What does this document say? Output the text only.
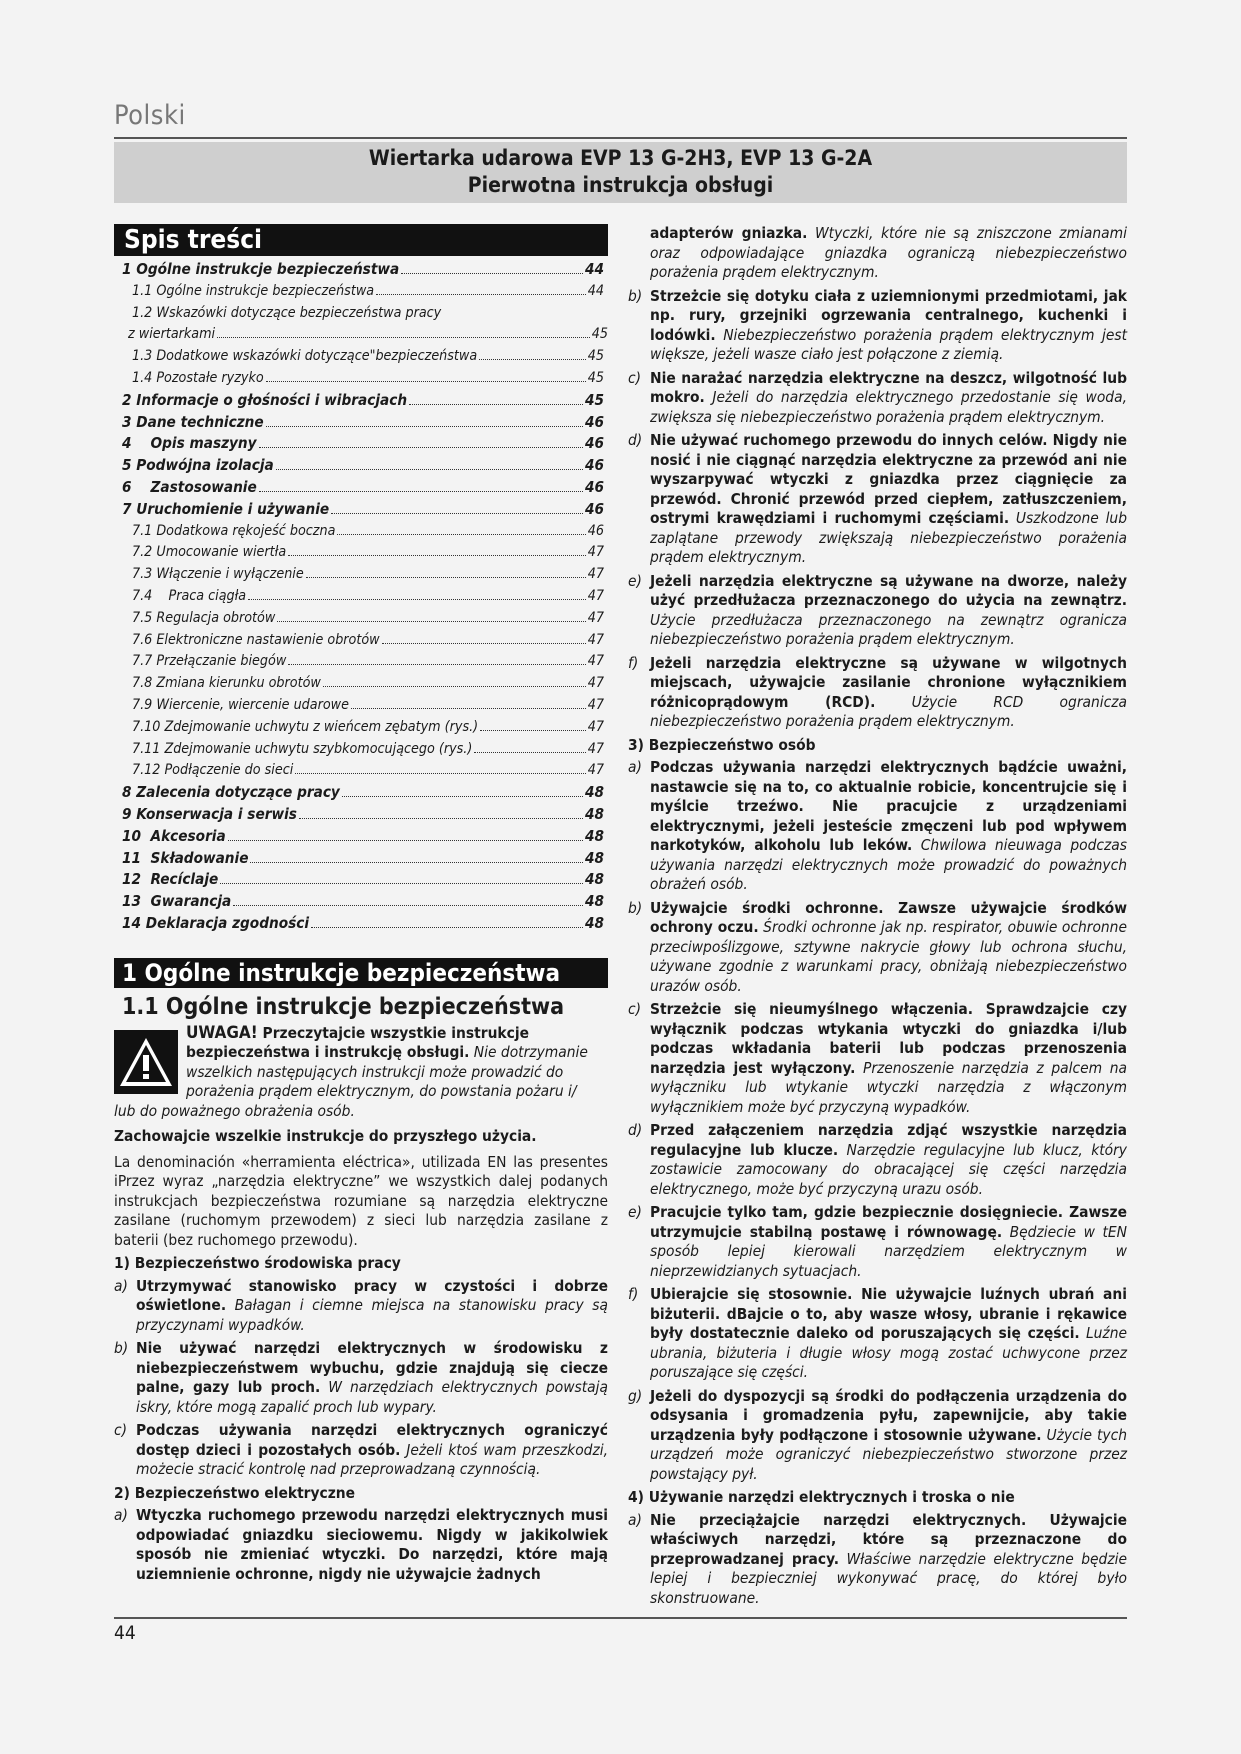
Polski
Wiertarka udarowa EVP 13 G-2H3, EVP 13 G-2A
Pierwotna instrukcja obsługi
Spis treści
1 Ogólne instrukcje bezpieczeństwa	44
1.1 Ogólne instrukcje bezpieczeństwa	44
1.2 Wskazówki dotyczące bezpieczeństwa pracy
z wiertarkami	45
1.3 Dodatkowe wskazówki dotyczące"bezpieczeństwa	45
1.4 Pozostałe ryzyko	45
2 Informacje o głośności i wibracjach	45
3 Dane techniczne	46
4    Opis maszyny	46
5 Podwójna izolacja	46
6    Zastosowanie	46
7 Uruchomienie i używanie	46
7.1 Dodatkowa rękojeść boczna	46
7.2 Umocowanie wiertła	47
7.3 Włączenie i wyłączenie	47
7.4    Praca ciągła	47
7.5 Regulacja obrotów	47
7.6 Elektroniczne nastawienie obrotów	47
7.7 Przełączanie biegów	47
7.8 Zmiana kierunku obrotów	47
7.9 Wiercenie, wiercenie udarowe	47
7.10 Zdejmowanie uchwytu z wieńcem zębatym (rys.)	47
7.11 Zdejmowanie uchwytu szybkomocującego (rys.)	47
7.12 Podłączenie do sieci	47
8 Zalecenia dotyczące pracy	48
9 Konserwacja i serwis	48
10  Akcesoria	48
11  Składowanie	48
12  Recíclaje	48
13  Gwarancja	48
14 Deklaracja zgodności	48
1 Ogólne instrukcje bezpieczeństwa
1.1 Ogólne instrukcje bezpieczeństwa
UWAGA! Przeczytajcie wszystkie instrukcje bezpieczeństwa i instrukcję obsługi. Nie dotrzymanie wszelkich następujących instrukcji może prowadzić do porażenia prądem elektrycznym, do powstania pożaru i/
lub do poważnego obrażenia osób.
Zachowajcie wszelkie instrukcje do przyszłego użycia.
La denominación «herramienta eléctrica», utilizada EN las presentes iPrzez wyraz „narzędzia elektryczne” we wszystkich dalej podanych instrukcjach bezpieczeństwa rozumiane są narzędzia elektryczne zasilane (ruchomym przewodem) z sieci lub narzędzia zasilane z baterii (bez ruchomego przewodu).
1) Bezpieczeństwo środowiska pracy
a) Utrzymywać stanowisko pracy w czystości i dobrze oświetlone. Bałagan i ciemne miejsca na stanowisku pracy są przyczynami wypadków.
b) Nie używać narzędzi elektrycznych w środowisku z niebezpieczeństwem wybuchu, gdzie znajdują się ciecze palne, gazy lub proch. W narzędziach elektrycznych powstają iskry, które mogą zapalić proch lub wypary.
c) Podczas używania narzędzi elektrycznych ograniczyć dostęp dzieci i pozostałych osób. Jeżeli ktoś wam przeszkodzi, możecie stracić kontrolę nad przeprowadzaną czynnością.
2) Bezpieczeństwo elektryczne
a) Wtyczka ruchomego przewodu narzędzi elektrycznych musi odpowiadać gniazdku sieciowemu. Nigdy w jakikolwiek sposób nie zmieniać wtyczki. Do narzędzi, które mają uziemnienie ochronne, nigdy nie używajcie żadnych
adapterów gniazka. Wtyczki, które nie są zniszczone zmianami oraz odpowiadające gniazdka ograniczą niebezpieczeństwo porażenia prądem elektrycznym.
b) Strzeżcie się dotyku ciała z uziemnionymi przedmiotami, jak np. rury, grzejniki ogrzewania centralnego, kuchenki i lodówki. Niebezpieczeństwo porażenia prądem elektrycznym jest większe, jeżeli wasze ciało jest połączone z ziemią.
c) Nie narażać narzędzia elektryczne na deszcz, wilgotność lub mokro. Jeżeli do narzędzia elektrycznego przedostanie się woda, zwiększa się niebezpieczeństwo porażenia prądem elektrycznym.
d) Nie używać ruchomego przewodu do innych celów. Nigdy nie nosić i nie ciągnąć narzędzia elektryczne za przewód ani nie wyszarpywać wtyczki z gniazdka przez ciągnięcie za przewód. Chronić przewód przed ciepłem, zatłuszczeniem, ostrymi krawędziami i ruchomymi częściami. Uszkodzone lub zaplątane przewody zwiększają niebezpieczeństwo porażenia prądem elektrycznym.
e) Jeżeli narzędzia elektryczne są używane na dworze, należy użyć przedłużacza przeznaczonego do użycia na zewnątrz. Użycie przedłużacza przeznaczonego na zewnątrz ogranicza niebezpieczeństwo porażenia prądem elektrycznym.
f) Jeżeli narzędzia elektryczne są używane w wilgotnych miejscach, używajcie zasilanie chronione wyłącznikiem różnicoprądowym (RCD). Użycie RCD ogranicza niebezpieczeństwo porażenia prądem elektrycznym.
3) Bezpieczeństwo osób
a) Podczas używania narzędzi elektrycznych bądźcie uważni, nastawcie się na to, co aktualnie robicie, koncentrujcie się i myślcie trzeźwo. Nie pracujcie z urządzeniami elektrycznymi, jeżeli jesteście zmęczeni lub pod wpływem narkotyków, alkoholu lub leków. Chwilowa nieuwaga podczas używania narzędzi elektrycznych może prowadzić do poważnych obrażeń osób.
b) Używajcie środki ochronne. Zawsze używajcie środków ochrony oczu. Środki ochronne jak np. respirator, obuwie ochronne przeciwpoślizgowe, sztywne nakrycie głowy lub ochrona słuchu, używane zgodnie z warunkami pracy, obniżają niebezpieczeństwo urazów osób.
c) Strzeżcie się nieumyślnego włączenia. Sprawdzajcie czy wyłącznik podczas wtykania wtyczki do gniazdka i/lub podczas wkładania baterii lub podczas przenoszenia narzędzia jest wyłączony. Przenoszenie narzędzia z palcem na wyłączniku lub wtykanie wtyczki narzędzia z włączonym wyłącznikiem może być przyczyną wypadków.
d) Przed załączeniem narzędzia zdjąć wszystkie narzędzia regulacyjne lub klucze. Narzędzie regulacyjne lub klucz, który zostawicie zamocowany do obracającej się części narzędzia elektrycznego, może być przyczyną urazu osób.
e) Pracujcie tylko tam, gdzie bezpiecznie dosięgniecie. Zawsze utrzymujcie stabilną postawę i równowagę. Będziecie w tEN sposób lepiej kierowali narzędziem elektrycznym w nieprzewidzianych sytuacjach.
f) Ubierajcie się stosownie. Nie używajcie luźnych ubrań ani biżuterii. dBajcie o to, aby wasze włosy, ubranie i rękawice były dostatecznie daleko od poruszających się części. Luźne ubrania, biżuteria i długie włosy mogą zostać uchwycone przez poruszające się części.
g) Jeżeli do dyspozycji są środki do podłączenia urządzenia do odsysania i gromadzenia pyłu, zapewnijcie, aby takie urządzenia były podłączone i stosownie używane. Użycie tych urządzeń może ograniczyć niebezpieczeństwo stworzone przez powstający pył.
4) Używanie narzędzi elektrycznych i troska o nie
a) Nie przeciążajcie narzędzi elektrycznych. Używajcie właściwych narzędzi, które są przeznaczone do przeprowadzanej pracy. Właściwe narzędzie elektryczne będzie lepiej i bezpieczniej wykonywać pracę, do której było skonstruowane.
44
